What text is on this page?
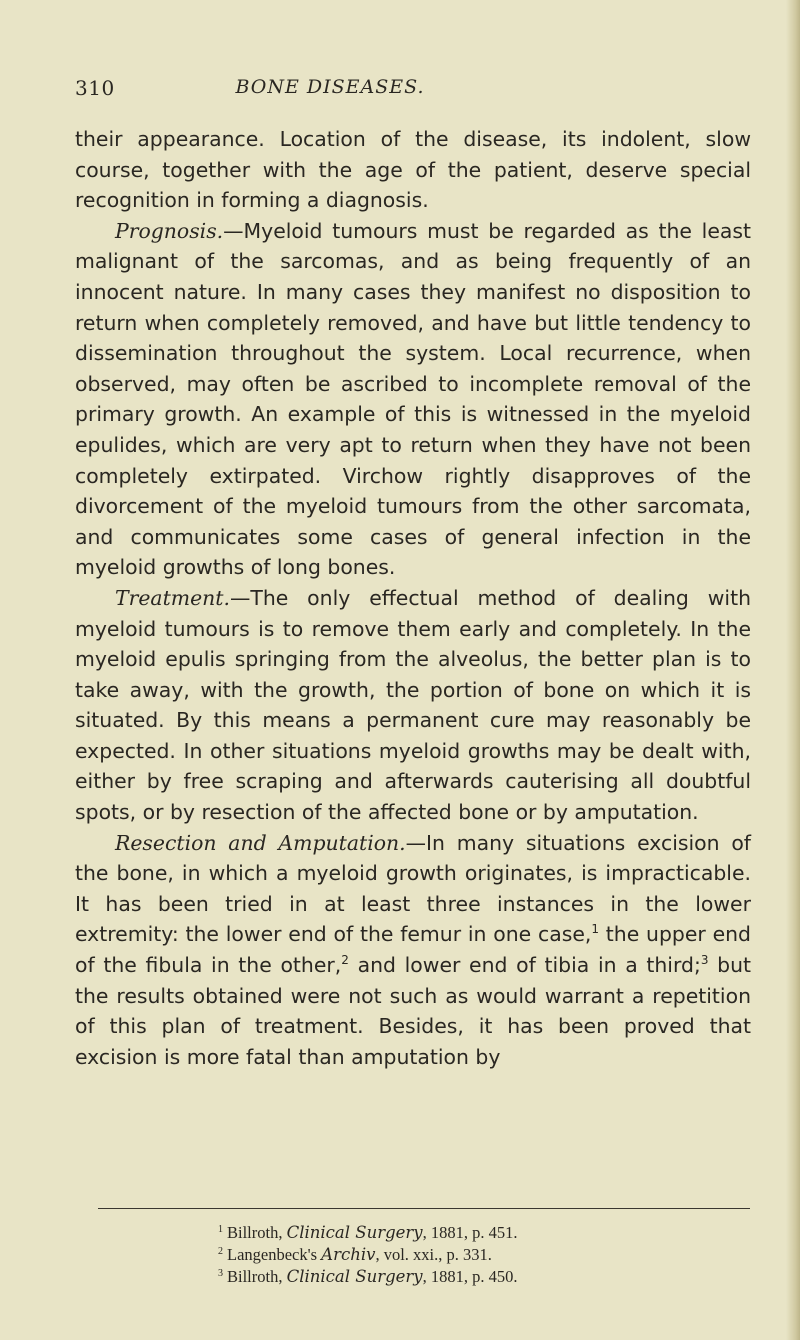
310	BONE DISEASES.

their appearance. Location of the disease, its indolent, slow course, together with the age of the patient, deserve special recognition in forming a diagnosis.

Prognosis.—Myeloid tumours must be regarded as the least malignant of the sarcomas, and as being frequently of an innocent nature. In many cases they manifest no disposition to return when completely removed, and have but little tendency to dissemination throughout the system. Local recurrence, when observed, may often be ascribed to incomplete removal of the primary growth. An example of this is witnessed in the myeloid epulides, which are very apt to return when they have not been completely extirpated. Virchow rightly disapproves of the divorcement of the myeloid tumours from the other sarcomata, and communicates some cases of general infection in the myeloid growths of long bones.

Treatment.—The only effectual method of dealing with myeloid tumours is to remove them early and completely. In the myeloid epulis springing from the alveolus, the better plan is to take away, with the growth, the portion of bone on which it is situated. By this means a permanent cure may reasonably be expected. In other situations myeloid growths may be dealt with, either by free scraping and afterwards cauterising all doubtful spots, or by resection of the affected bone or by amputation.

Resection and Amputation.—In many situations excision of the bone, in which a myeloid growth originates, is impracticable. It has been tried in at least three instances in the lower extremity: the lower end of the femur in one case,$^1$ the upper end of the fibula in the other,$^2$ and lower end of tibia in a third;$^3$ but the results obtained were not such as would warrant a repetition of this plan of treatment. Besides, it has been proved that excision is more fatal than amputation by

$^1$ Billroth, Clinical Surgery, 1881, p. 451.
$^2$ Langenbeck's Archiv, vol. xxi., p. 331.
$^3$ Billroth, Clinical Surgery, 1881, p. 450.
